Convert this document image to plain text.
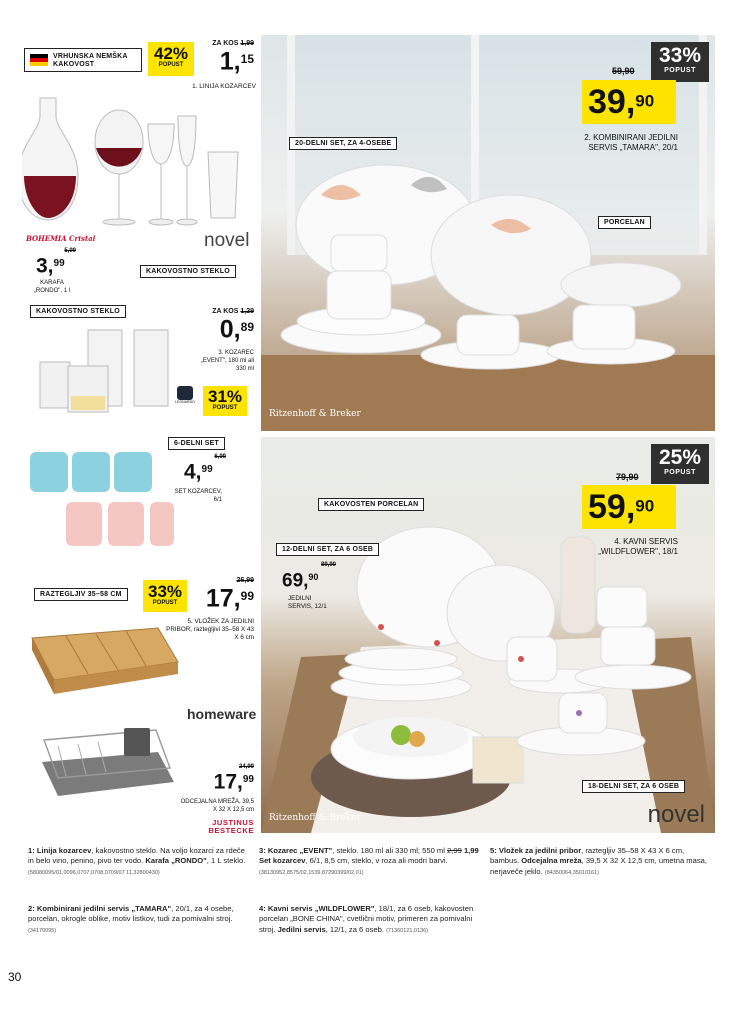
VRHUNSKA NEMŠKA KAKOVOST
42%
POPUST
ZA KOS 1,99
1,15
1. LINIJA KOZARCEV
BOHEMIA Cristal
5,99
3,99
KARAFA „RONDO", 1 l
novel
KAKOVOSTNO STEKLO
KAKOVOSTNO STEKLO	ZA KOS 1,29
0,89
3. KOZAREC „EVENT", 180 ml ali 330 ml
LEONARDO 31%
POPUST
6-DELNI SET
6,99
4,99
SET KOZARCEV, 6/1
RAZTEGLJIV 35–58 CM	33%
POPUST
26,99
17,99
5. VLOŽEK ZA JEDILNI PRIBOR, raztegljivi 35–58 X 43 X 6 cm
homeware
24,99
17,99
ODCEJALNA MREŽA, 39,5 X 32 X 12,5 cm
JUSTINUS
BESTECKE
Ritzenhoff & Breker
33%
POPUST
59,90
39,90
2. KOMBINIRANI JEDILNI SERVIS „TAMARA", 20/1
20-DELNI SET, ZA 4-OSEBE
PORCELAN
Ritzenhoff & Breker	novel
25%
POPUST
79,90
59,90
4. KAVNI SERVIS „WILDFLOWER", 18/1
KAKOVOSTEN PORCELAN
12-DELNI SET, ZA 6 OSEB
89,90
69,90
JEDILNI SERVIS, 12/1
18-DELNI SET, ZA 6 OSEB
1: Linija kozarcev, kakovostno steklo. Na voljo kozarci za rdeče in belo vino, penino, pivo ter vodo. Karafa „RONDO", 1 L steklo. (58080095/01,0096,0707,0708,0709/07 11,32800430)
2: Kombinirani jedilni servis „TAMARA", 20/1, za 4 osebe, porcelan, okrogle oblike, motiv listkov, tudi za pomivalni stroj. (34170095)
3: Kozarec „EVENT", steklo. 180 ml ali 330 ml; 550 ml 2,99 1,99 Set kozarcev, 6/1, 8,5 cm, steklo, v roza ali modri barvi. (38130952,8575/02,1539,87290399/02,01)
4: Kavni servis „WILDFLOWER", 18/1, za 6 oseb, kakovosten porcelan „BONE CHINA", cvetlični motiv, primeren za pomivalni stroj. Jedilni servis, 12/1, za 6 oseb. (71360121,0136)
5: Vložek za jedilni pribor, raztegljiv 35–58 X 43 X 6 cm, bambus. Odcejalna mreža, 39,5 X 32 X 12,5 cm, umetna masa, nerjaveče jeklo. (84350064,35010161)
30
